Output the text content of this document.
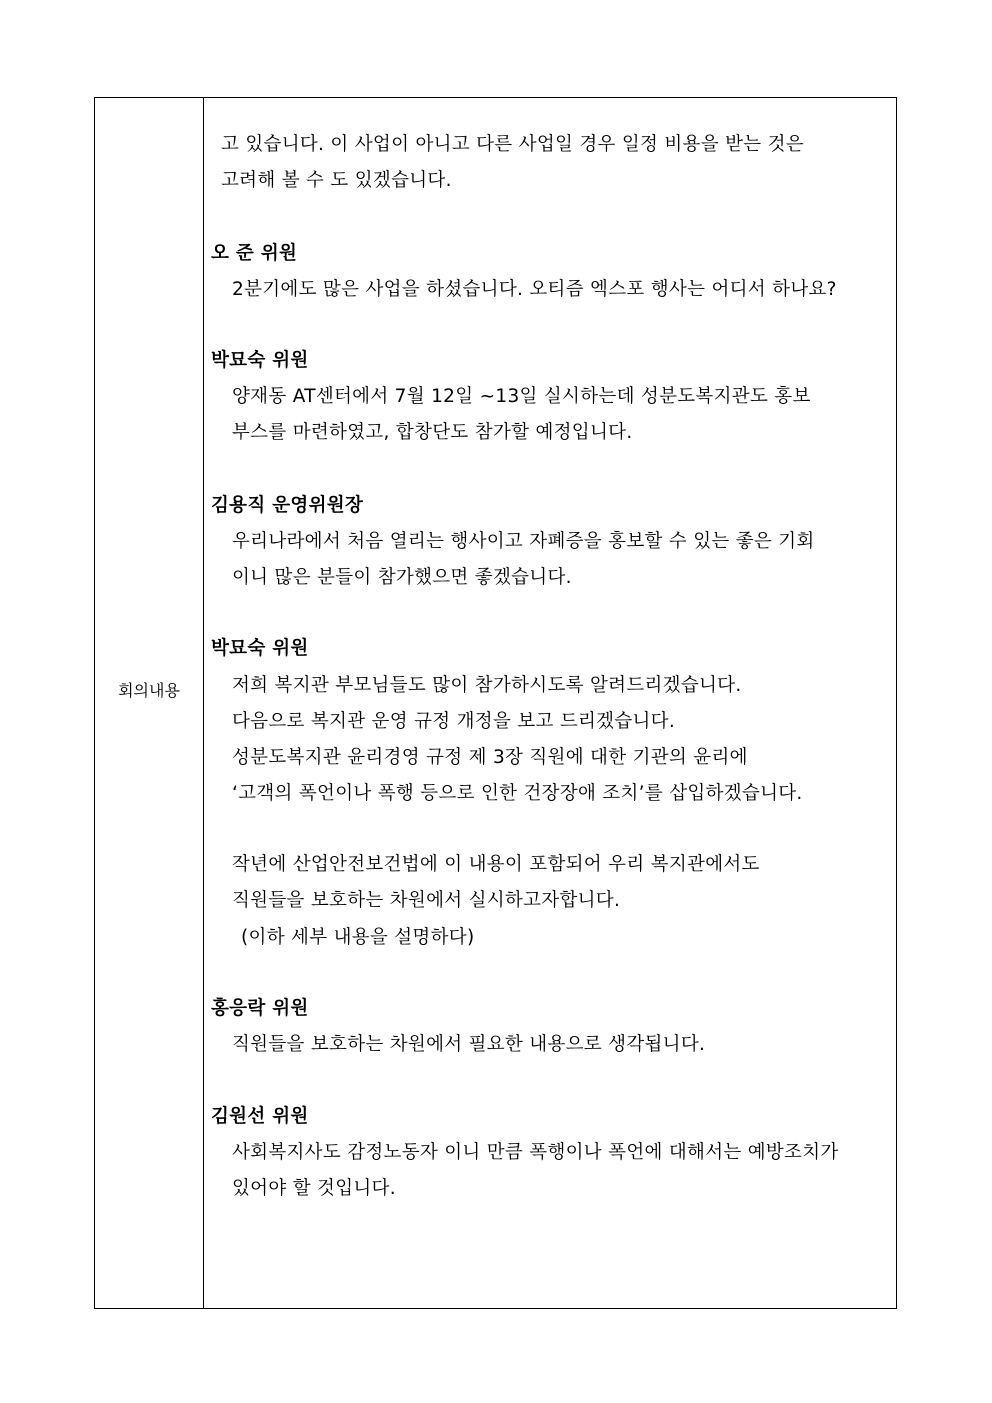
회의내용
고 있습니다. 이 사업이 아니고 다른 사업일 경우 일정 비용을 받는 것은
고려해 볼 수 도 있겠습니다.
오 준 위원
2분기에도 많은 사업을 하셨습니다. 오티즘 엑스포 행사는 어디서 하나요?
박묘숙 위원
양재동 AT센터에서 7월 12일 ~13일 실시하는데 성분도복지관도 홍보
부스를 마련하였고, 합창단도 참가할 예정입니다.
김용직 운영위원장
우리나라에서 처음 열리는 행사이고 자폐증을 홍보할 수 있는 좋은 기회
이니 많은 분들이 참가했으면 좋겠습니다.
박묘숙 위원
저희 복지관 부모님들도 많이 참가하시도록 알려드리겠습니다.
다음으로 복지관 운영 규정 개정을 보고 드리겠습니다.
성분도복지관 윤리경영 규정 제 3장 직원에 대한 기관의 윤리에
‘고객의 폭언이나 폭행 등으로 인한 건장장애 조치’를 삽입하겠습니다.
작년에 산업안전보건법에 이 내용이 포함되어 우리 복지관에서도
직원들을 보호하는 차원에서 실시하고자합니다.
(이하 세부 내용을 설명하다)
홍응락 위원
직원들을 보호하는 차원에서 필요한 내용으로 생각됩니다.
김원선 위원
사회복지사도 감정노동자 이니 만큼 폭행이나 폭언에 대해서는 예방조치가
있어야 할 것입니다.
